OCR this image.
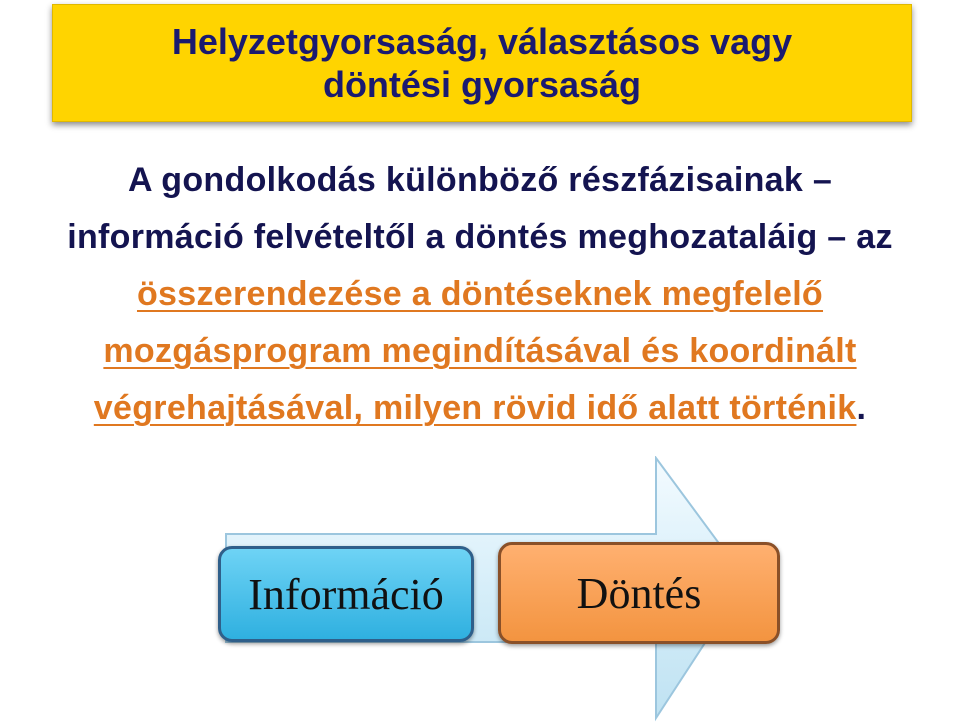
Helyzetgyorsaság, választásos vagy
döntési gyorsaság
A gondolkodás különböző részfázisainak –
információ felvételtől a döntés meghozataláig – az
összerendezése a döntéseknek megfelelő
mozgásprogram megindításával és koordinált
végrehajtásával, milyen rövid idő alatt történik.
Információ	Döntés
